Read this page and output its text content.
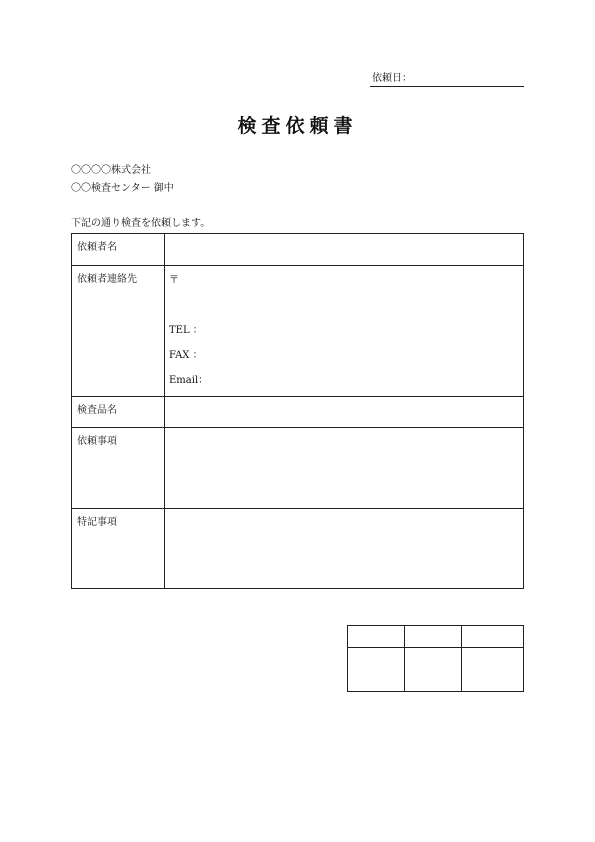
依頼日：
検査依頼書
〇〇〇〇株式会社
〇〇検査センター 御中
下記の通り検査を依頼します。
依頼者名
依頼者連絡先	〒
TEL ：
FAX ：
Email：
検査品名
依頼事項
特記事項
